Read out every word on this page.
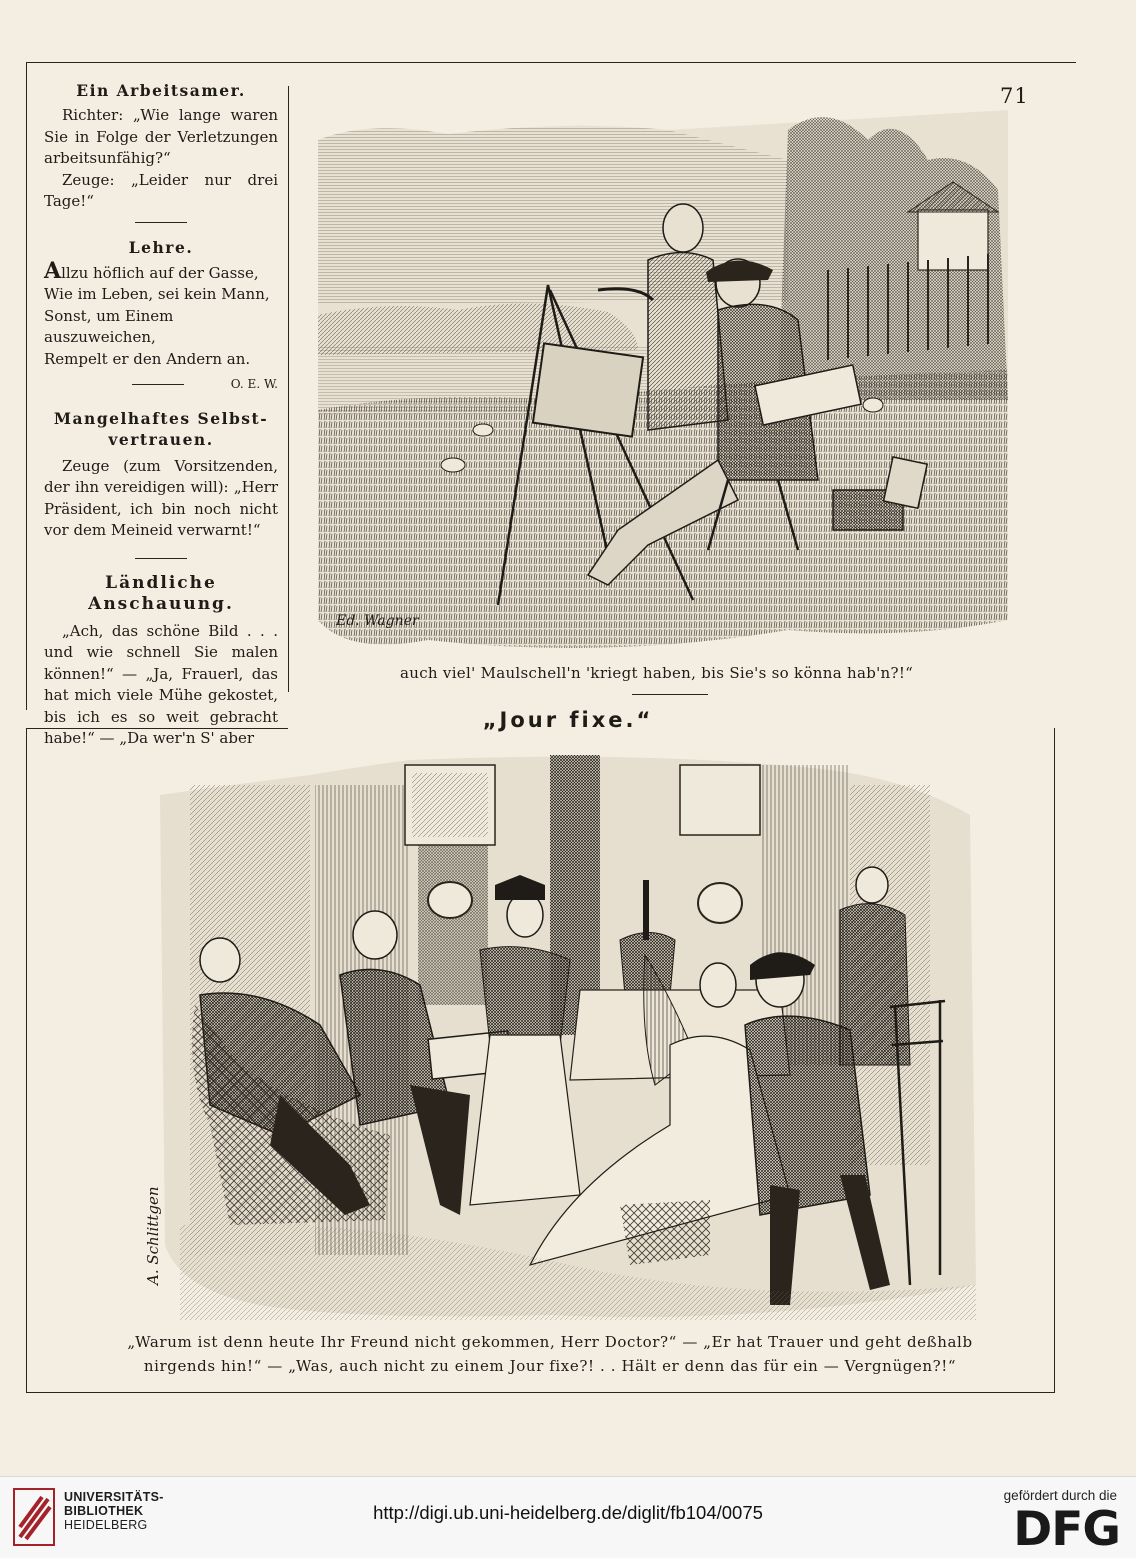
71
Ein Arbeitsamer.

Richter: „Wie lange waren Sie in Folge der Verletzungen arbeitsunfähig?“

Zeuge: „Leider nur drei Tage!“

Lehre.

Allzu höflich auf der Gasse,

Wie im Leben, sei kein Mann,

Sonst, um Einem auszuweichen,

Rempelt er den Andern an.

O. E. W.
Mangelhaftes Selbst-
vertrauen.

Zeuge (zum Vorsitzenden, der ihn vereidigen will): „Herr Präsident, ich bin noch nicht vor dem Meineid verwarnt!“

Ländliche Anschauung.

„Ach, das schöne Bild . . . und wie schnell Sie malen können!“ — „Ja, Frauerl, das hat mich viele Mühe gekostet, bis ich es so weit gebracht habe!“ — „Da wer'n S' aber

Ed. Wagner
auch viel' Maulschell'n 'kriegt haben, bis Sie's so könna hab'n?!“
„Jour fixe.“
A. Schlittgen
„Warum ist denn heute Ihr Freund nicht gekommen, Herr Doctor?“ — „Er hat Trauer und geht deßhalb
nirgends hin!“ — „Was, auch nicht zu einem Jour fixe?! . . Hält er denn das für ein — Vergnügen?!“
UNIVERSITÄTS-
BIBLIOTHEK
HEIDELBERG
http://digi.ub.uni-heidelberg.de/diglit/fb104/0075
gefördert durch die
DFG
